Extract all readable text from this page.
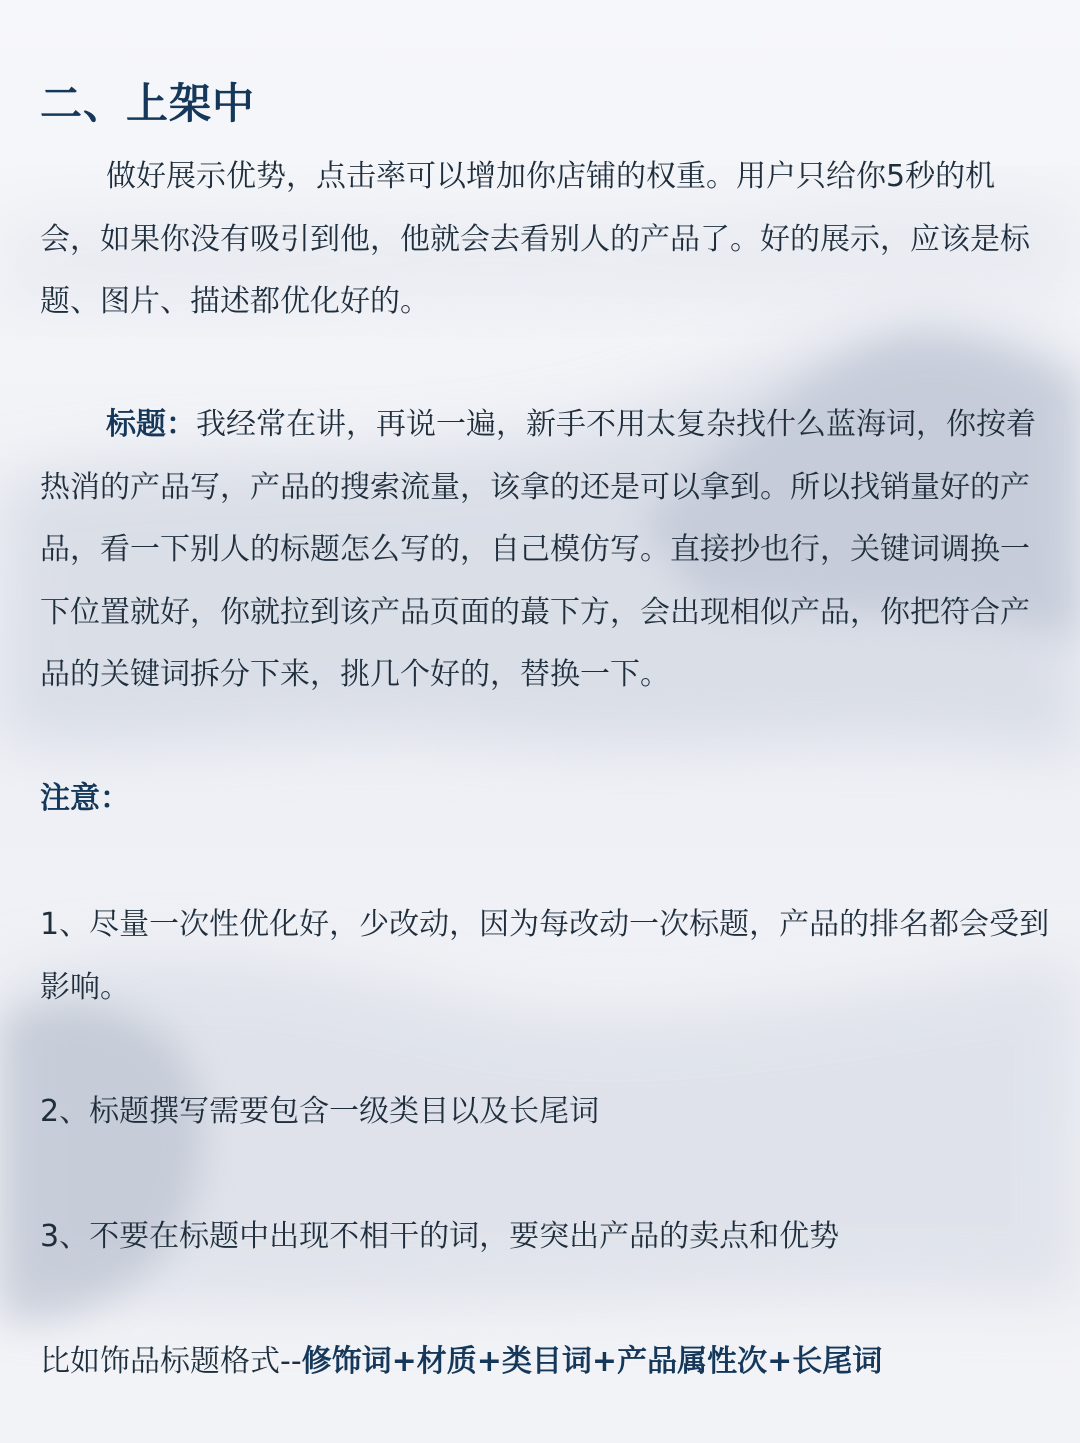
二、上架中

做好展示优势，点击率可以增加你店铺的权重。用户只给你5秒的机会，如果你没有吸引到他，他就会去看别人的产品了。好的展示，应该是标题、图片、描述都优化好的。

标题：我经常在讲，再说一遍，新手不用太复杂找什么蓝海词，你按着热消的产品写，产品的搜索流量，该拿的还是可以拿到。所以找销量好的产品，看一下别人的标题怎么写的，自己模仿写。直接抄也行，关键词调换一下位置就好，你就拉到该产品页面的蕞下方，会出现相似产品，你把符合产品的关键词拆分下来，挑几个好的，替换一下。

注意：

1、尽量一次性优化好，少改动，因为每改动一次标题，产品的排名都会受到影响。

2、标题撰写需要包含一级类目以及长尾词

3、不要在标题中出现不相干的词，要突出产品的卖点和优势

比如饰品标题格式--修饰词+材质+类目词+产品属性次+长尾词
